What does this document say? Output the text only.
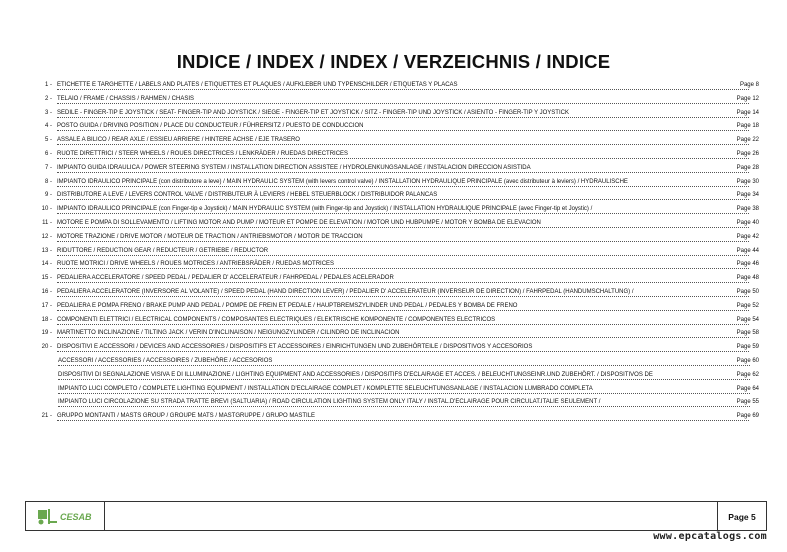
INDICE / INDEX / INDEX / VERZEICHNIS / INDICE
1 - ETICHETTE E TARGHETTE / LABELS AND PLATES / ETIQUETTES ET PLAQUES / AUFKLEBER UND TYPENSCHILDER / ETIQUETAS Y PLACAS	Page 8
2 - TELAIO / FRAME / CHASSIS / RAHMEN / CHASIS	Page 12
3 - SEDILE - FINGER-TIP E JOYSTICK / SEAT- FINGER-TIP AND JOYSTICK / SIEGE - FINGER-TIP ET JOYSTICK / SITZ - FINGER-TIP UND JOYSTICK / ASIENTO - FINGER-TIP Y JOYSTICK	Page 14
4 - POSTO GUIDA / DRIVING POSITION / PLACE DU CONDUCTEUR / FÜHRERSITZ / PUESTO DE CONDUCCION	Page 18
5 - ASSALE A BILICO / REAR AXLE / ESSIEU ARRIERE / HINTERE ACHSE / EJE TRASERO	Page 22
6 - RUOTE DIRETTRICI / STEER WHEELS / ROUES DIRECTRICES / LENKRÄDER / RUEDAS DIRECTRICES	Page 26
7 - IMPIANTO GUIDA IDRAULICA / POWER STEERING SYSTEM / INSTALLATION DIRECTION ASSISTEE / HYDROLENKUNGSANLAGE / INSTALACION DIRECCION ASISTIDA	Page 28
8 - IMPIANTO IDRAULICO PRINCIPALE (con distributore a leve) / MAIN HYDRAULIC SYSTEM (with levers control valve) / INSTALLATION HYDRAULIQUE PRINCIPALE (avec distributeur à leviers) / HYDRAULISCHE	Page 30
9 - DISTRIBUTORE A LEVE / LEVERS CONTROL VALVE / DISTRIBUTEUR À LEVIERS / HEBEL STEUERBLOCK / DISTRIBUIDOR PALANCAS	Page 34
10 - IMPIANTO IDRAULICO PRINCIPALE (con Finger-tip e Joystick) / MAIN HYDRAULIC SYSTEM (with Finger-tip and Joystick) / INSTALLATION HYDRAULIQUE PRINCIPALE (avec Finger-tip et Joystic) /	Page 38
11 - MOTORE E POMPA DI SOLLEVAMENTO / LIFTING MOTOR AND PUMP / MOTEUR ET POMPE DE ELEVATION / MOTOR UND HUBPUMPE / MOTOR Y BOMBA DE ELEVACION	Page 40
12 - MOTORE TRAZIONE / DRIVE MOTOR / MOTEUR DE TRACTION / ANTRIEBSMOTOR / MOTOR DE TRACCION	Page 42
13 - RIDUTTORE / REDUCTION GEAR / REDUCTEUR / GETRIEBE / REDUCTOR	Page 44
14 - RUOTE MOTRICI / DRIVE WHEELS / ROUES MOTRICES / ANTRIEBSRÄDER / RUEDAS MOTRICES	Page 46
15 - PEDALIERA ACCELERATORE / SPEED PEDAL / PEDALIER D' ACCELERATEUR / FAHRPEDAL / PEDALES ACELERADOR	Page 48
16 - PEDALIERA ACCELERATORE (INVERSORE AL VOLANTE) / SPEED PEDAL (HAND DIRECTION LEVER) / PEDALIER D' ACCELERATEUR (INVERSEUR DE DIRECTION) / FAHRPEDAL (HANDUMSCHALTUNG) /	Page 50
17 - PEDALIERA E POMPA FRENO / BRAKE PUMP AND PEDAL / POMPE DE FREIN ET PEDALE / HAUPTBREMSZYLINDER UND PEDAL / PEDALES Y BOMBA DE FRENO	Page 52
18 - COMPONENTI ELETTRICI / ELECTRICAL COMPONENTS / COMPOSANTES ELECTRIQUES / ELEKTRISCHE KOMPONENTE / COMPONENTES ELECTRICOS	Page 54
19 - MARTINETTO INCLINAZIONE / TILTING JACK / VERIN D'INCLINAISON / NEIGUNGZYLINDER / CILINDRO DE INCLINACION	Page 58
20 - DISPOSITIVI E ACCESSORI / DEVICES AND ACCESSORIES / DISPOSITIFS ET ACCESSOIRES / EINRICHTUNGEN UND ZUBEHÖRTEILE / DISPOSITIVOS Y ACCESORIOS	Page 59
ACCESSORI / ACCESSORIES / ACCESSOIRES / ZUBEHÖRE / ACCESORIOS	Page 60
DISPOSITIVI DI SEGNALAZIONE VISIVA E DI ILLUMINAZIONE / LIGHTING EQUIPMENT AND ACCESSORIES / DISPOSITIFS D'ECLAIRAGE ET ACCES. / BELEUCHTUNGSEINR.UND ZUBEHÖRT. / DISPOSITIVOS DE	Page 62
IMPIANTO LUCI COMPLETO / COMPLETE LIGHTING EQUIPMENT / INSTALLATION D'ECLAIRAGE COMPLET / KOMPLETTE SELEUCHTUNGSANLAGE / INSTALACION LUMBRADO COMPLETA	Page 64
IMPIANTO LUCI CIRCOLAZIONE SU STRADA TRATTE BREVI (SALTUARIA) / ROAD CIRCULATION LIGHTING SYSTEM ONLY ITALY / INSTAL.D'ECLAIRAGE POUR CIRCULAT.ITALIE SEULEMENT /	Page 55
21 - GRUPPO MONTANTI / MASTS GROUP / GROUPE MATS / MASTGRUPPE / GRUPO MASTILE	Page 69
CESAB	Page 5
www.epcatalogs.com
